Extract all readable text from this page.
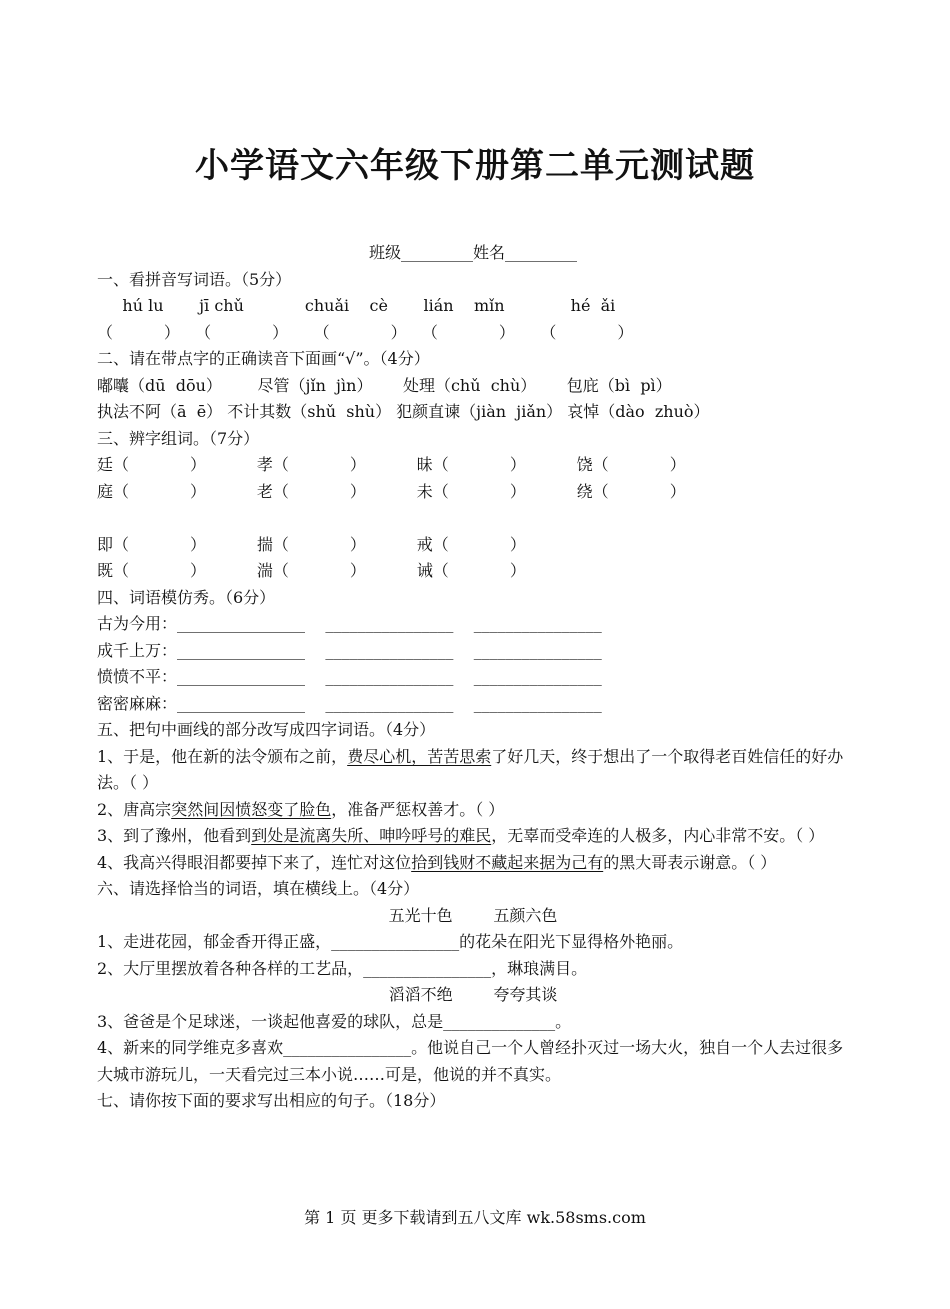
小学语文六年级下册第二单元测试题
班级_________姓名_________
一、看拼音写词语。（5分）
hú lu       jī chǔ            chuǎi    cè       lián    mǐn             hé  ǎi
（          ）   （            ）     （            ）   （            ）     （            ）
二、请在带点字的正确读音下面画“√”。（4分）
嘟囔（dū  dōu）       尽管（jǐn  jìn）      处理（chǔ  chù）      包庇（bì  pì）
执法不阿（ā  ē） 不计其数（shǔ  shù） 犯颜直谏（jiàn  jiǎn） 哀悼（dào  zhuò）
三、辨字组词。（7分）
廷（            ）          孝（            ）          昧（            ）          饶（            ）
庭（            ）          老（            ）          未（            ）          绕（            ）
即（            ）          揣（            ）          戒（            ）
既（            ）          湍（            ）          诫（            ）
四、词语模仿秀。（6分）
古为今用：________________    ________________    ________________
成千上万：________________    ________________    ________________
愤愤不平：________________    ________________    ________________
密密麻麻：________________    ________________    ________________
五、把句中画线的部分改写成四字词语。（4分）
1、于是，他在新的法令颁布之前，费尽心机，苦苦思索了好几天，终于想出了一个取得老百姓信任的好办法。（ ）
2、唐高宗突然间因愤怒变了脸色，准备严惩权善才。（ ）
3、到了豫州，他看到到处是流离失所、呻吟呼号的难民，无辜而受牵连的人极多，内心非常不安。（ ）
4、我高兴得眼泪都要掉下来了，连忙对这位拾到钱财不藏起来据为己有的黑大哥表示谢意。（ ）
六、请选择恰当的词语，填在横线上。（4分）
五光十色        五颜六色
1、走进花园，郁金香开得正盛，________________的花朵在阳光下显得格外艳丽。
2、大厅里摆放着各种各样的工艺品，________________，琳琅满目。
滔滔不绝        夸夸其谈
3、爸爸是个足球迷，一谈起他喜爱的球队，总是______________。
4、新来的同学维克多喜欢________________。他说自己一个人曾经扑灭过一场大火，独自一个人去过很多大城市游玩儿，一天看完过三本小说……可是，他说的并不真实。
七、请你按下面的要求写出相应的句子。（18分）
第 1 页 更多下载请到五八文库 wk.58sms.com
